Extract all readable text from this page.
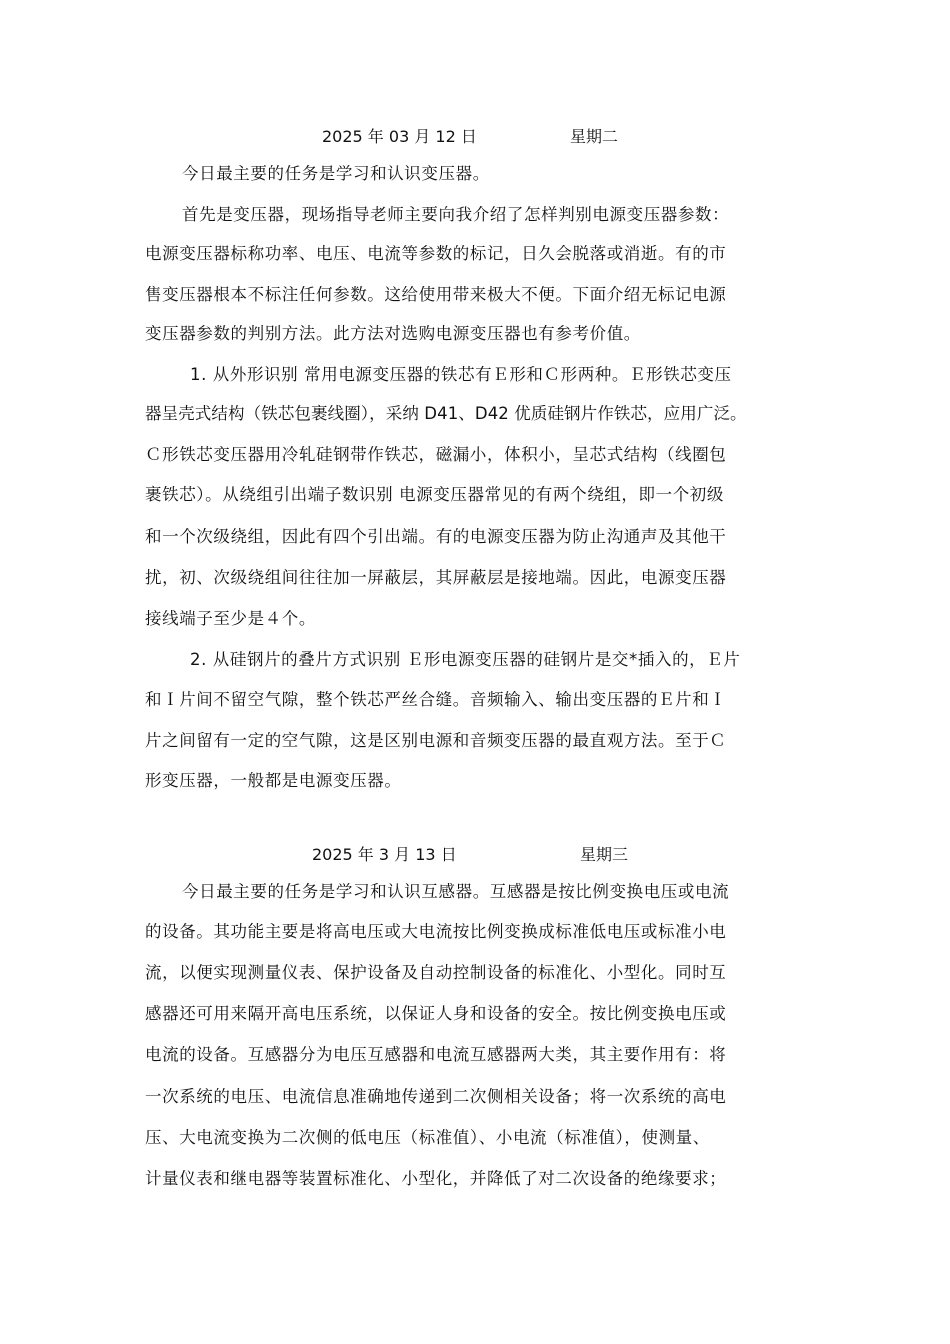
2025 年 03 月 12 日	星期二
今日最主要的任务是学习和认识变压器。
首先是变压器，现场指导老师主要向我介绍了怎样判别电源变压器参数：
电源变压器标称功率、电压、电流等参数的标记，日久会脱落或消逝。有的市
售变压器根本不标注任何参数。这给使用带来极大不便。下面介绍无标记电源
变压器参数的判别方法。此方法对选购电源变压器也有参考价值。
1. 从外形识别 常用电源变压器的铁芯有Ｅ形和Ｃ形两种。Ｅ形铁芯变压
器呈壳式结构（铁芯包裹线圈），采纳 D41、D42 优质硅钢片作铁芯，应用广泛。
Ｃ形铁芯变压器用冷轧硅钢带作铁芯，磁漏小，体积小，呈芯式结构（线圈包
裹铁芯）。从绕组引出端子数识别 电源变压器常见的有两个绕组，即一个初级
和一个次级绕组，因此有四个引出端。有的电源变压器为防止沟通声及其他干
扰，初、次级绕组间往往加一屏蔽层，其屏蔽层是接地端。因此，电源变压器
接线端子至少是４个。
2. 从硅钢片的叠片方式识别 Ｅ形电源变压器的硅钢片是交*插入的，Ｅ片
和Ｉ片间不留空气隙，整个铁芯严丝合缝。音频输入、输出变压器的Ｅ片和Ｉ
片之间留有一定的空气隙，这是区别电源和音频变压器的最直观方法。至于Ｃ
形变压器，一般都是电源变压器。
2025 年 3 月 13 日	星期三
今日最主要的任务是学习和认识互感器。互感器是按比例变换电压或电流
的设备。其功能主要是将高电压或大电流按比例变换成标准低电压或标准小电
流，以便实现测量仪表、保护设备及自动控制设备的标准化、小型化。同时互
感器还可用来隔开高电压系统，以保证人身和设备的安全。按比例变换电压或
电流的设备。互感器分为电压互感器和电流互感器两大类，其主要作用有：将
一次系统的电压、电流信息准确地传递到二次侧相关设备；将一次系统的高电
压、大电流变换为二次侧的低电压（标准值）、小电流（标准值），使测量、
计量仪表和继电器等装置标准化、小型化，并降低了对二次设备的绝缘要求；
